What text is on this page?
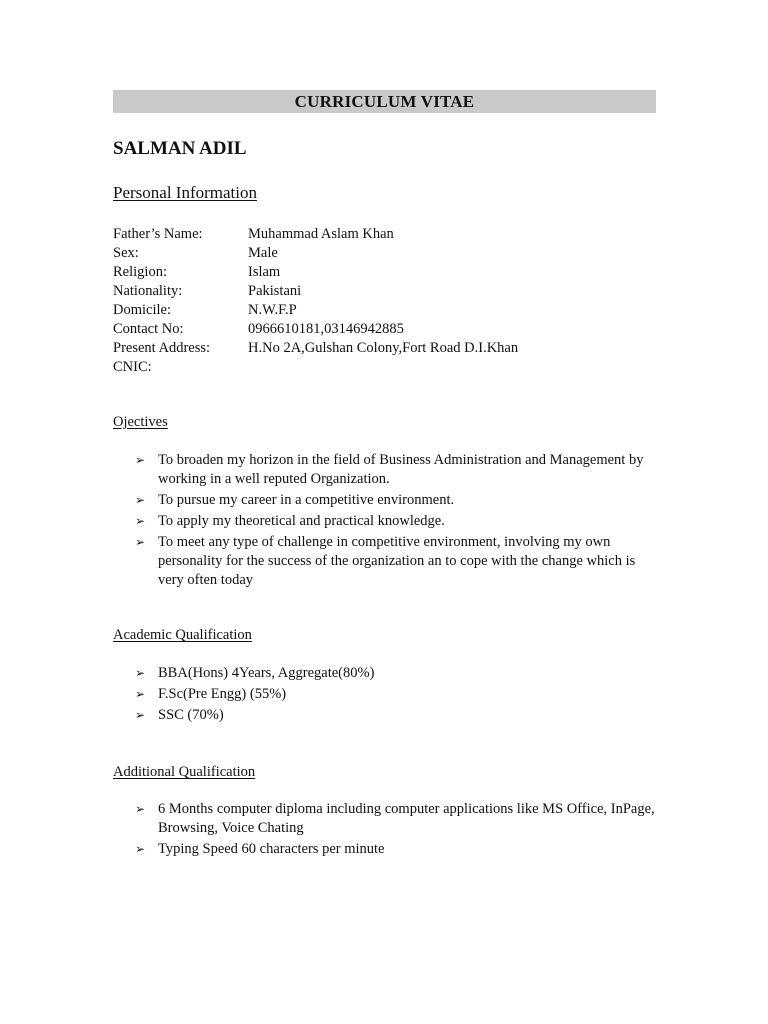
CURRICULUM VITAE
SALMAN ADIL
Personal Information
Father’s Name:	Muhammad Aslam Khan
Sex:	Male
Religion:	Islam
Nationality:	Pakistani
Domicile:	N.W.F.P
Contact No:	0966610181,03146942885
Present Address:	H.No 2A,Gulshan Colony,Fort Road D.I.Khan
CNIC:
Ojectives
➢ To broaden my horizon in the field of Business Administration and Management by working in a well reputed Organization.
➢ To pursue my career in a competitive environment.
➢ To apply my theoretical and practical knowledge.
➢ To meet any type of challenge in competitive environment, involving my own personality for the success of the organization an to cope with the change which is very often today
Academic Qualification
➢ BBA(Hons) 4Years, Aggregate(80%)
➢ F.Sc(Pre Engg) (55%)
➢ SSC (70%)
Additional Qualification
➢ 6 Months computer diploma including computer applications like MS Office, InPage, Browsing, Voice Chating
➢ Typing Speed 60 characters per minute
